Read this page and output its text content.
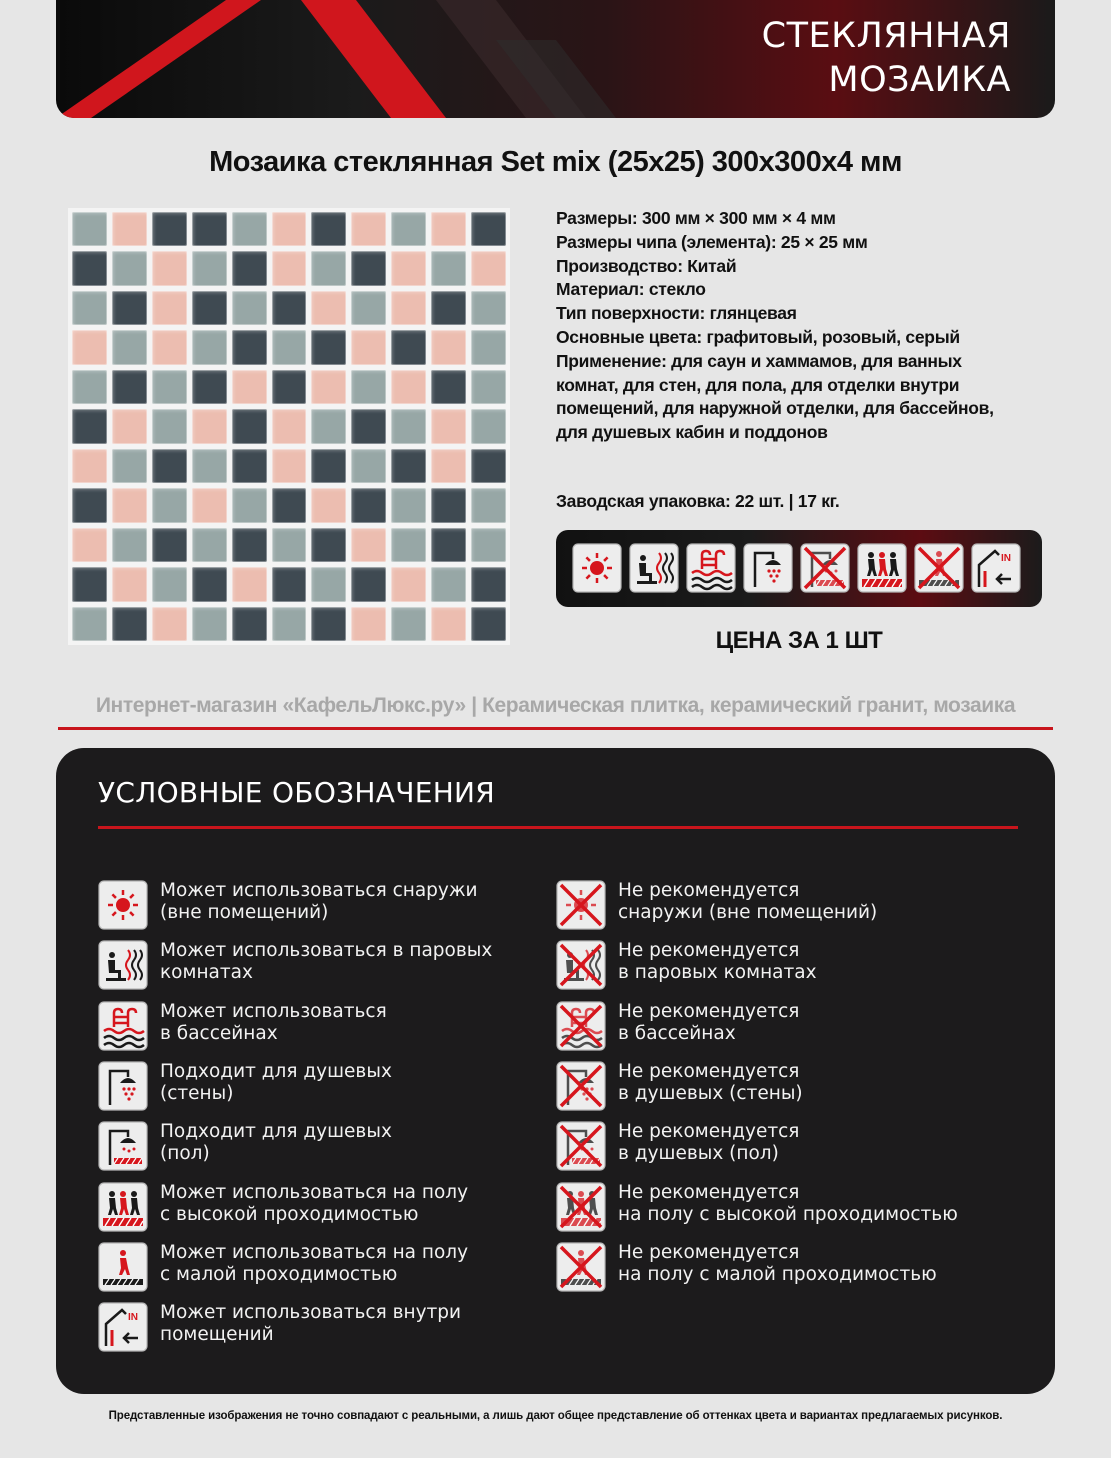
СТЕКЛЯННАЯ
МОЗАИКА
Мозаика стеклянная Set mix (25x25) 300x300x4 мм
Размеры: 300 мм × 300 мм × 4 мм
Размеры чипа (элемента): 25 × 25 мм
Производство: Китай
Материал: стекло
Тип поверхности: глянцевая
Основные цвета: графитовый, розовый, серый
Применение: для саун и хаммамов, для ванных
комнат, для стен, для пола, для отделки внутри
помещений, для наружной отделки, для бассейнов,
для душевых кабин и поддонов
Заводская упаковка: 22 шт. | 17 кг.
IN
ЦЕНА ЗА 1 ШТ
Интернет-магазин «КафельЛюкс.ру» | Керамическая плитка, керамический гранит, мозаика
УСЛОВНЫЕ ОБОЗНАЧЕНИЯ
Может использоваться снаружи
(вне помещений)
Может использоваться в паровых
комнатах
Может использоваться
в бассейнах
Подходит для душевых
(стены)
Подходит для душевых
(пол)
Может использоваться на полу
с высокой проходимостью
Может использоваться на полу
с малой проходимостью
IN Может использоваться внутри
помещений
Не рекомендуется
снаружи (вне помещений)
Не рекомендуется
в паровых комнатах
Не рекомендуется
в бассейнах
Не рекомендуется
в душевых (стены)
Не рекомендуется
в душевых (пол)
Не рекомендуется
на полу с высокой проходимостью
Не рекомендуется
на полу с малой проходимостью
Представленные изображения не точно совпадают с реальными, а лишь дают общее представление об оттенках цвета и вариантах предлагаемых рисунков.
